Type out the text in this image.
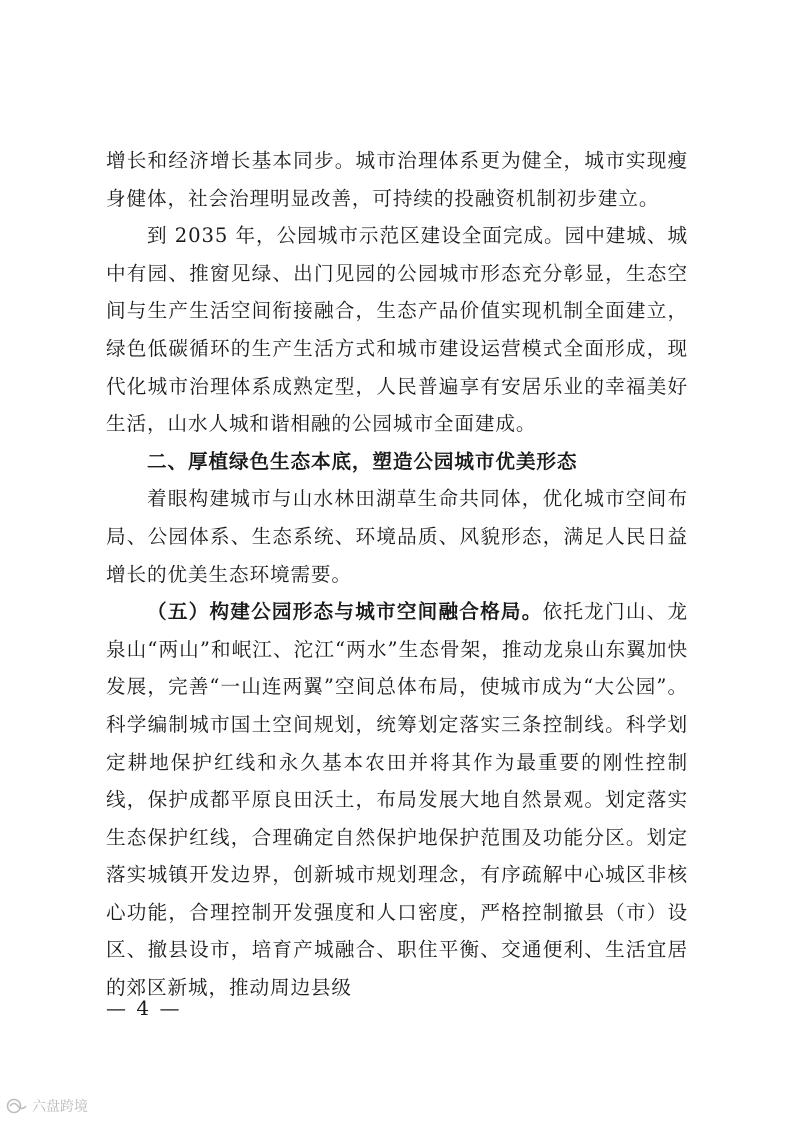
增长和经济增长基本同步。城市治理体系更为健全，城市实现瘦身健体，社会治理明显改善，可持续的投融资机制初步建立。

到 2035 年，公园城市示范区建设全面完成。园中建城、城中有园、推窗见绿、出门见园的公园城市形态充分彰显，生态空间与生产生活空间衔接融合，生态产品价值实现机制全面建立，绿色低碳循环的生产生活方式和城市建设运营模式全面形成，现代化城市治理体系成熟定型，人民普遍享有安居乐业的幸福美好生活，山水人城和谐相融的公园城市全面建成。

二、厚植绿色生态本底，塑造公园城市优美形态

着眼构建城市与山水林田湖草生命共同体，优化城市空间布局、公园体系、生态系统、环境品质、风貌形态，满足人民日益增长的优美生态环境需要。

（五）构建公园形态与城市空间融合格局。依托龙门山、龙泉山“两山”和岷江、沱江“两水”生态骨架，推动龙泉山东翼加快发展，完善“一山连两翼”空间总体布局，使城市成为“大公园”。科学编制城市国土空间规划，统筹划定落实三条控制线。科学划定耕地保护红线和永久基本农田并将其作为最重要的刚性控制线，保护成都平原良田沃土，布局发展大地自然景观。划定落实生态保护红线，合理确定自然保护地保护范围及功能分区。划定落实城镇开发边界，创新城市规划理念，有序疏解中心城区非核心功能，合理控制开发强度和人口密度，严格控制撤县（市）设区、撤县设市，培育产城融合、职住平衡、交通便利、生活宜居的郊区新城，推动周边县级

— 4 —
六盘跨境
